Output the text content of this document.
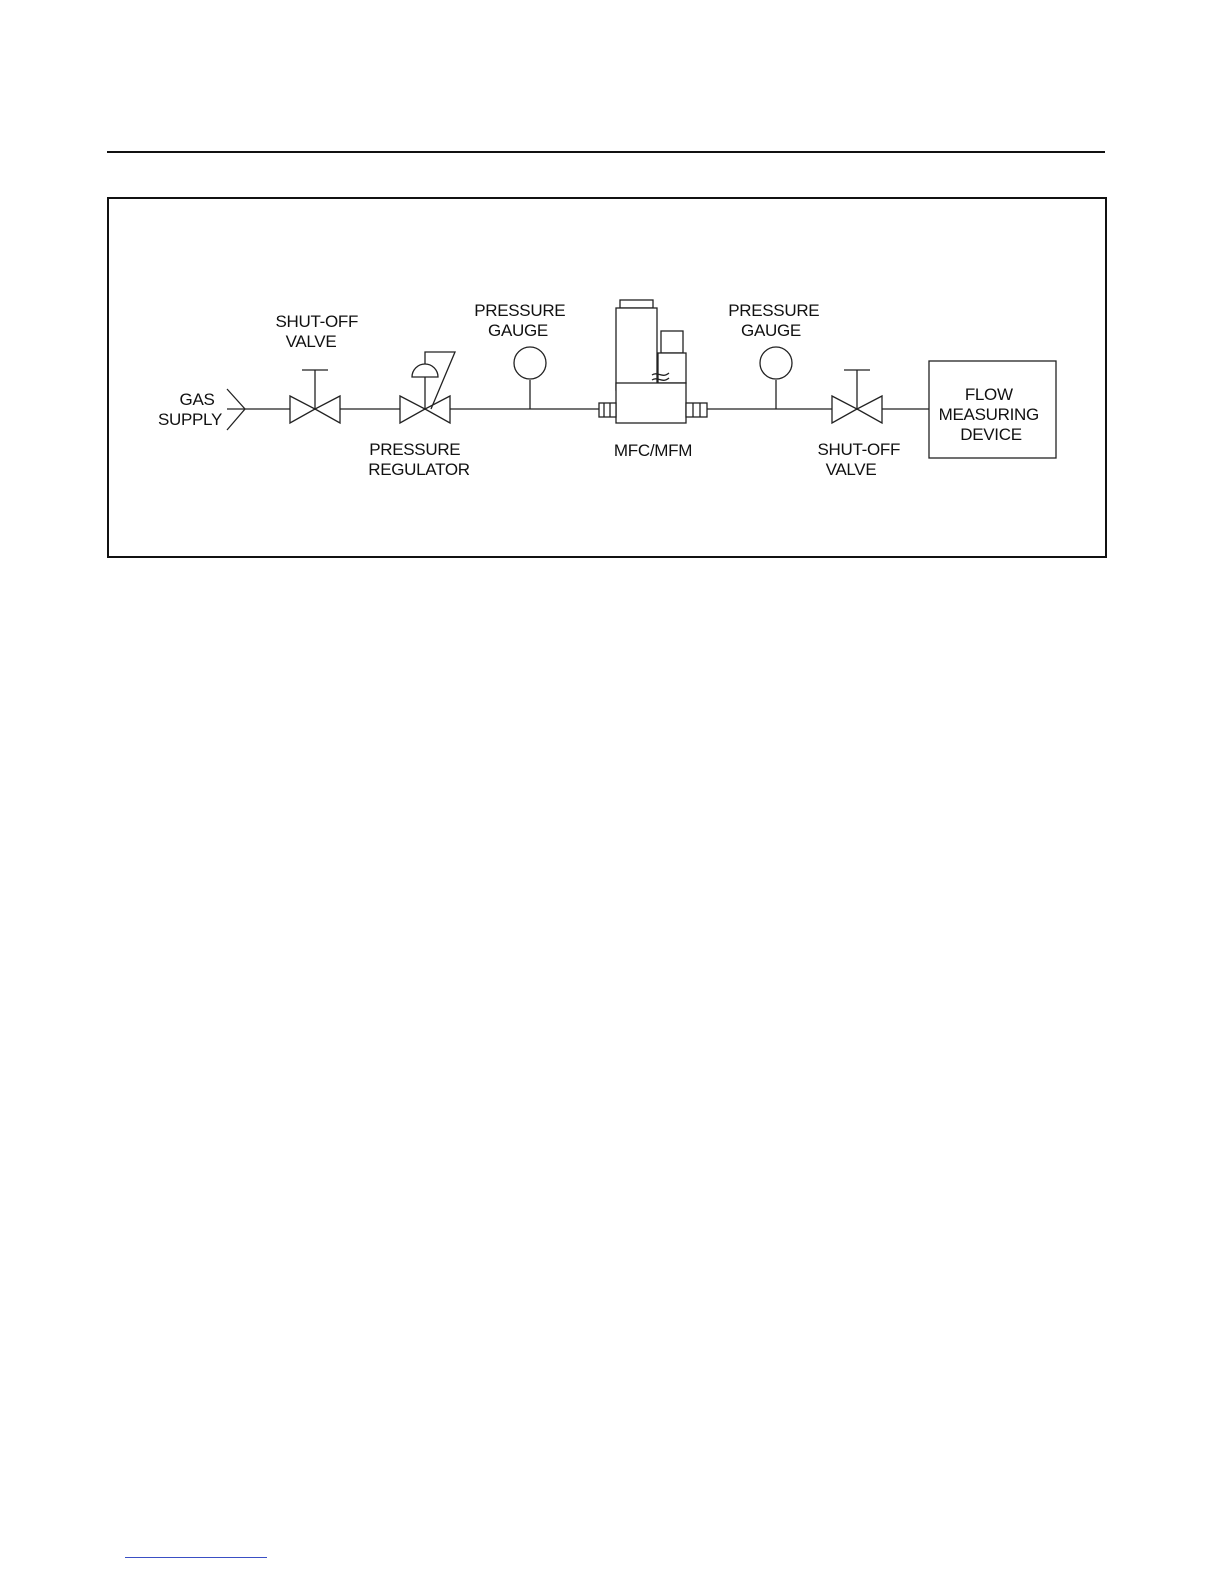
GAS SUPPLY
SHUT-OFF VALVE
PRESSURE REGULATOR
PRESSURE GAUGE
MFC/MFM
PRESSURE GAUGE
SHUT-OFF VALVE
FLOW MEASURING DEVICE
